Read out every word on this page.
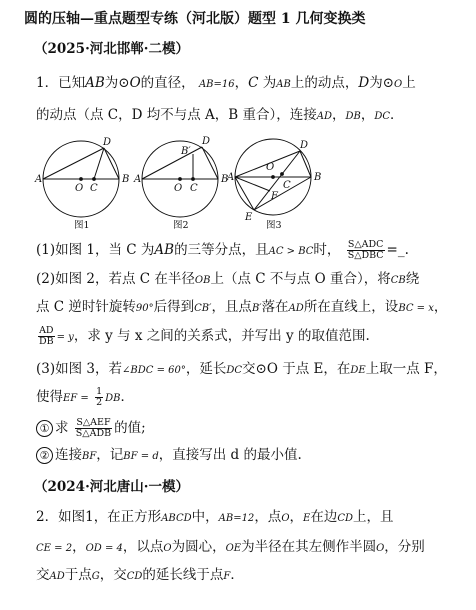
圆的压轴—重点题型专练（河北版）题型 1 几何变换类
（2025·河北邯郸·二模）
1．已知AB为⊙O的直径， AB=16，C 为AB上的动点，D为⊙O上
的动点（点 C，D 均不与点 A，B 重合），连接AD，DB，DC．
A	B
D
O C
图1
A	B
D
B′
O C
图2
A	B
D
O
C
F
E
图3
(1)如图 1，当 C 为AB的三等分点，且AC > BC时， $\frac{\text{S△ADC}}{\text{S△DBC}}$ =_.
(2)如图 2，若点 C 在半径OB上（点 C 不与点 O 重合），将CB绕
点 C 逆时针旋转90°后得到CB′，且点B′落在AD所在直线上，设BC = x，
$\frac{AD}{DB} = y$，求 y 与 x 之间的关系式，并写出 y 的取值范围.
(3)如图 3，若∠BDC = 60°，延长DC交⊙O 于点 E，在DE上取一点 F，
使得EF = $\frac{1}{2}$ DB．
① 求 $\frac{\text{S△AEF}}{\text{S△ADB}}$ 的值;
② 连接BF，记BF = d，直接写出 d 的最小值.
（2024·河北唐山·一模）
2．如图1，在正方形ABCD中，AB=12，点O，E在边CD上，且
CE = 2，OD = 4，以点O为圆心，OE为半径在其左侧作半圆O，分别
交AD于点G，交CD的延长线于点F．
